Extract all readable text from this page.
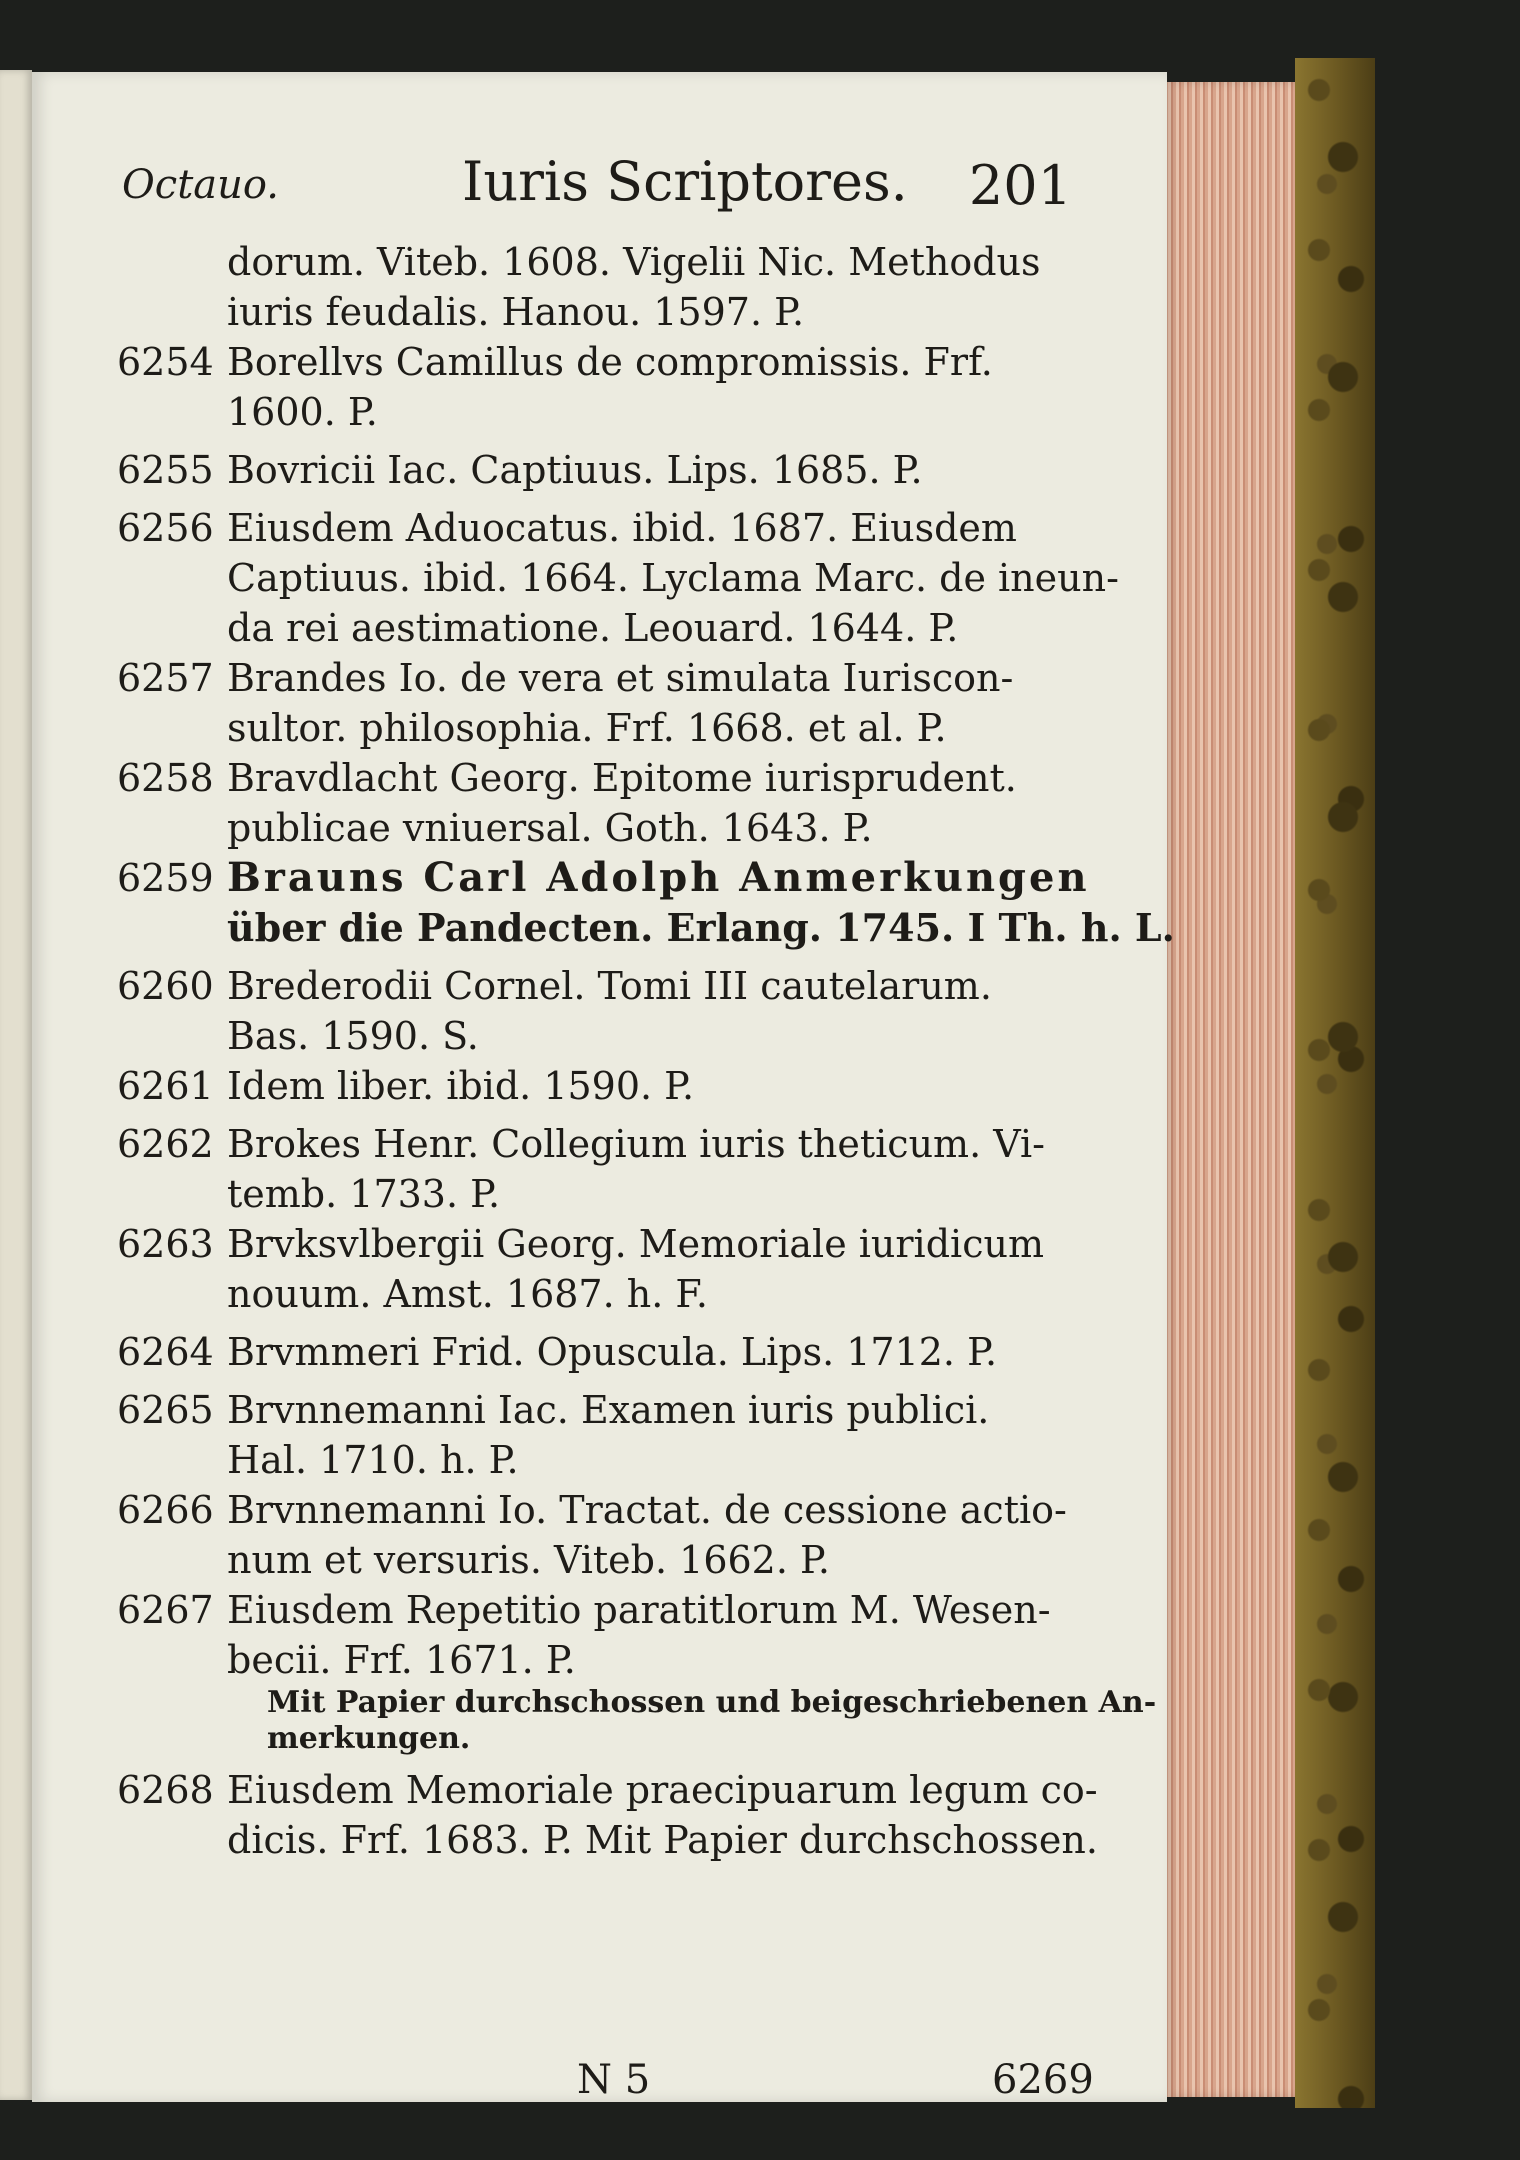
Octauo.	Iuris Scriptores. 201
dorum. Viteb. 1608. Vigelii Nic. Methodus
iuris feudalis. Hanou. 1597. P.
6254 Borellvs Camillus de compromissis. Frf.
1600. P.
6255 Bovricii Iac. Captiuus. Lips. 1685. P.
6256 Eiusdem Aduocatus. ibid. 1687. Eiusdem
Captiuus. ibid. 1664. Lyclama Marc. de ineun-
da rei aestimatione. Leouard. 1644. P.
6257 Brandes Io. de vera et simulata Iuriscon-
sultor. philosophia. Frf. 1668. et al. P.
6258 Bravdlacht Georg. Epitome iurisprudent.
publicae vniuersal. Goth. 1643. P.
6259 Brauns Carl Adolph Anmerkungen
über die Pandecten. Erlang. 1745. I Th. h. L.
6260 Brederodii Cornel. Tomi III cautelarum.
Bas. 1590. S.
6261 Idem liber. ibid. 1590. P.
6262 Brokes Henr. Collegium iuris theticum. Vi-
temb. 1733. P.
6263 Brvksvlbergii Georg. Memoriale iuridicum
nouum. Amst. 1687. h. F.
6264 Brvmmeri Frid. Opuscula. Lips. 1712. P.
6265 Brvnnemanni Iac. Examen iuris publici.
Hal. 1710. h. P.
6266 Brvnnemanni Io. Tractat. de cessione actio-
num et versuris. Viteb. 1662. P.
6267 Eiusdem Repetitio paratitlorum M. Wesen-
becii. Frf. 1671. P.
Mit Papier durchschossen und beigeschriebenen An-
merkungen.
6268 Eiusdem Memoriale praecipuarum legum co-
dicis. Frf. 1683. P. Mit Papier durchschossen.
N 5	6269
